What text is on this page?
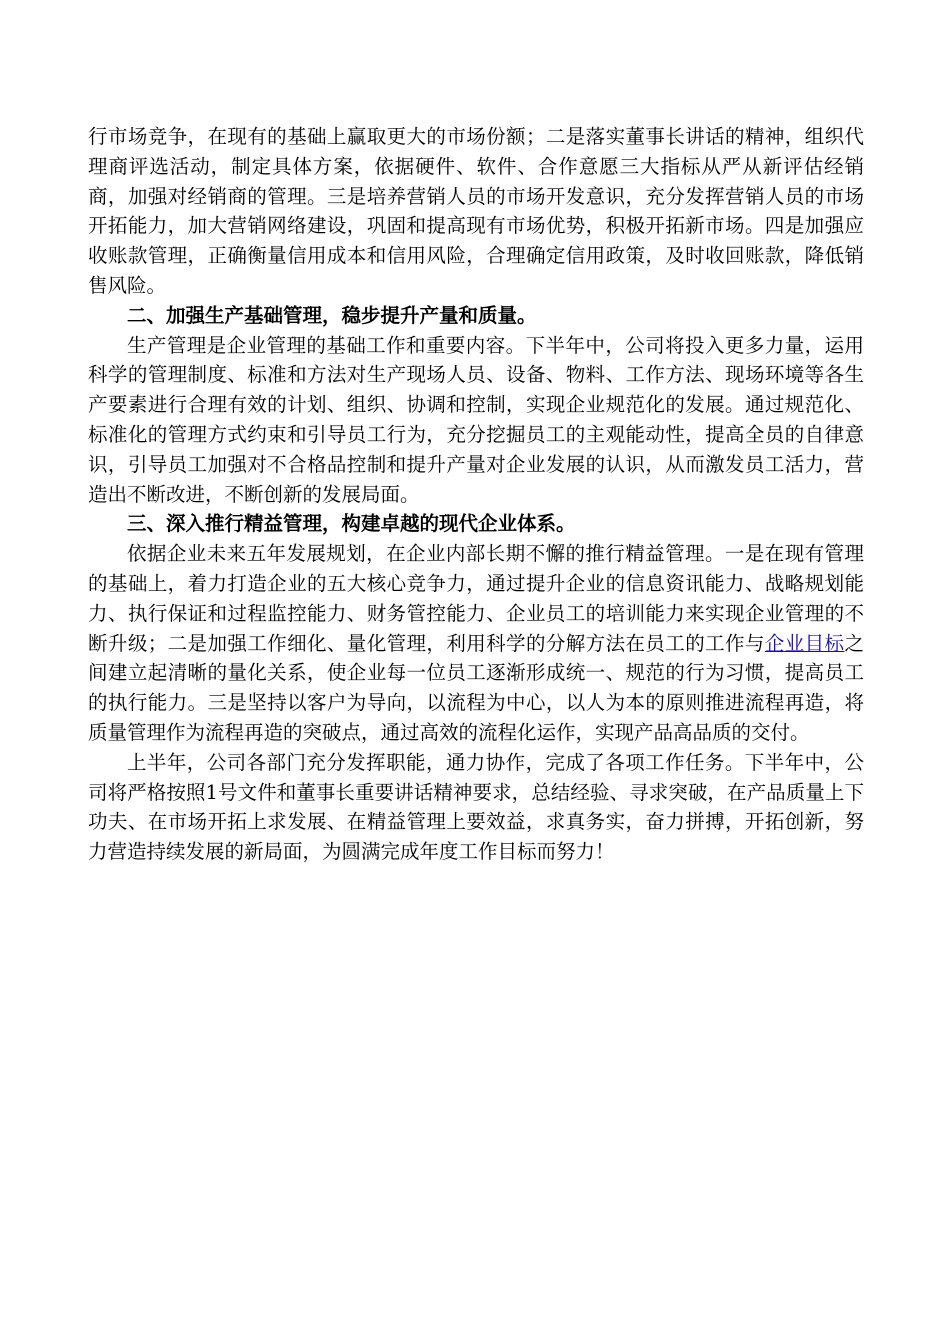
行市场竞争，在现有的基础上赢取更大的市场份额；二是落实董事长讲话的精神，组织代理商评选活动，制定具体方案，依据硬件、软件、合作意愿三大指标从严从新评估经销商，加强对经销商的管理。三是培养营销人员的市场开发意识，充分发挥营销人员的市场开拓能力，加大营销网络建设，巩固和提高现有市场优势，积极开拓新市场。四是加强应收账款管理，正确衡量信用成本和信用风险，合理确定信用政策，及时收回账款，降低销售风险。

二、加强生产基础管理，稳步提升产量和质量。

生产管理是企业管理的基础工作和重要内容。下半年中，公司将投入更多力量，运用科学的管理制度、标准和方法对生产现场人员、设备、物料、工作方法、现场环境等各生产要素进行合理有效的计划、组织、协调和控制，实现企业规范化的发展。通过规范化、标准化的管理方式约束和引导员工行为，充分挖掘员工的主观能动性，提高全员的自律意识，引导员工加强对不合格品控制和提升产量对企业发展的认识，从而激发员工活力，营造出不断改进，不断创新的发展局面。

三、深入推行精益管理，构建卓越的现代企业体系。

依据企业未来五年发展规划，在企业内部长期不懈的推行精益管理。一是在现有管理的基础上，着力打造企业的五大核心竞争力，通过提升企业的信息资讯能力、战略规划能力、执行保证和过程监控能力、财务管控能力、企业员工的培训能力来实现企业管理的不断升级；二是加强工作细化、量化管理，利用科学的分解方法在员工的工作与企业目标之间建立起清晰的量化关系，使企业每一位员工逐渐形成统一、规范的行为习惯，提高员工的执行能力。三是坚持以客户为导向，以流程为中心，以人为本的原则推进流程再造，将质量管理作为流程再造的突破点，通过高效的流程化运作，实现产品高品质的交付。

上半年，公司各部门充分发挥职能，通力协作，完成了各项工作任务。下半年中，公司将严格按照1号文件和董事长重要讲话精神要求，总结经验、寻求突破，在产品质量上下功夫、在市场开拓上求发展、在精益管理上要效益，求真务实，奋力拼搏，开拓创新，努力营造持续发展的新局面，为圆满完成年度工作目标而努力！
